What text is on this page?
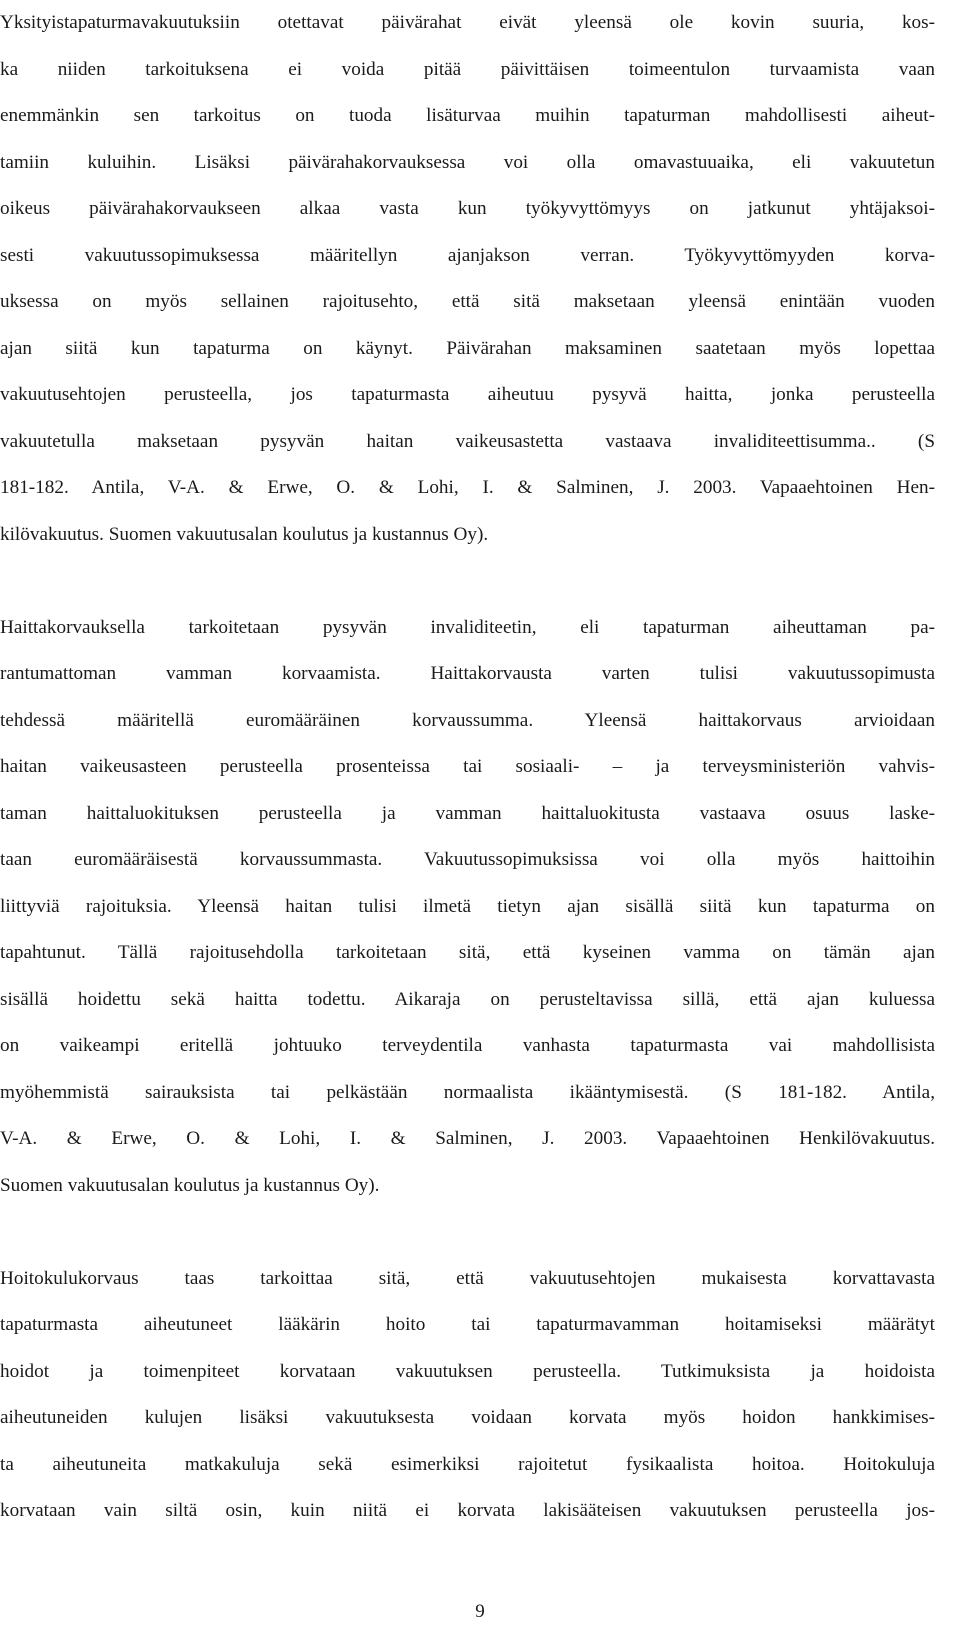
Yksityistapaturmavakuutuksiin otettavat päivärahat eivät yleensä ole kovin suuria, kos-
ka niiden tarkoituksena ei voida pitää päivittäisen toimeentulon turvaamista vaan
enemmänkin sen tarkoitus on tuoda lisäturvaa muihin tapaturman mahdollisesti aiheut-
tamiin kuluihin. Lisäksi päivärahakorvauksessa voi olla omavastuuaika, eli vakuutetun
oikeus päivärahakorvaukseen alkaa vasta kun työkyvyttömyys on jatkunut yhtäjaksoi-
sesti vakuutussopimuksessa määritellyn ajanjakson verran. Työkyvyttömyyden korva-
uksessa on myös sellainen rajoitusehto, että sitä maksetaan yleensä enintään vuoden
ajan siitä kun tapaturma on käynyt. Päivärahan maksaminen saatetaan myös lopettaa
vakuutusehtojen perusteella, jos tapaturmasta aiheutuu pysyvä haitta, jonka perusteella
vakuutetulla maksetaan pysyvän haitan vaikeusastetta vastaava invaliditeettisumma.. (S
181-182. Antila, V-A. & Erwe, O. & Lohi, I. & Salminen, J. 2003. Vapaaehtoinen Hen-
kilövakuutus. Suomen vakuutusalan koulutus ja kustannus Oy).
Haittakorvauksella tarkoitetaan pysyvän invaliditeetin, eli tapaturman aiheuttaman pa-
rantumattoman vamman korvaamista. Haittakorvausta varten tulisi vakuutussopimusta
tehdessä määritellä euromääräinen korvaussumma. Yleensä haittakorvaus arvioidaan
haitan vaikeusasteen perusteella prosenteissa tai sosiaali- – ja terveysministeriön vahvis-
taman haittaluokituksen perusteella ja vamman haittaluokitusta vastaava osuus laske-
taan euromääräisestä korvaussummasta. Vakuutussopimuksissa voi olla myös haittoihin
liittyviä rajoituksia. Yleensä haitan tulisi ilmetä tietyn ajan sisällä siitä kun tapaturma on
tapahtunut. Tällä rajoitusehdolla tarkoitetaan sitä, että kyseinen vamma on tämän ajan
sisällä hoidettu sekä haitta todettu. Aikaraja on perusteltavissa sillä, että ajan kuluessa
on vaikeampi eritellä johtuuko terveydentila vanhasta tapaturmasta vai mahdollisista
myöhemmistä sairauksista tai pelkästään normaalista ikääntymisestä. (S 181-182. Antila,
V-A. & Erwe, O. & Lohi, I. & Salminen, J. 2003. Vapaaehtoinen Henkilövakuutus.
Suomen vakuutusalan koulutus ja kustannus Oy).
Hoitokulukorvaus taas tarkoittaa sitä, että vakuutusehtojen mukaisesta korvattavasta
tapaturmasta aiheutuneet lääkärin hoito tai tapaturmavamman hoitamiseksi määrätyt
hoidot ja toimenpiteet korvataan vakuutuksen perusteella. Tutkimuksista ja hoidoista
aiheutuneiden kulujen lisäksi vakuutuksesta voidaan korvata myös hoidon hankkimises-
ta aiheutuneita matkakuluja sekä esimerkiksi rajoitetut fysikaalista hoitoa. Hoitokuluja
korvataan vain siltä osin, kuin niitä ei korvata lakisääteisen vakuutuksen perusteella jos-
9
